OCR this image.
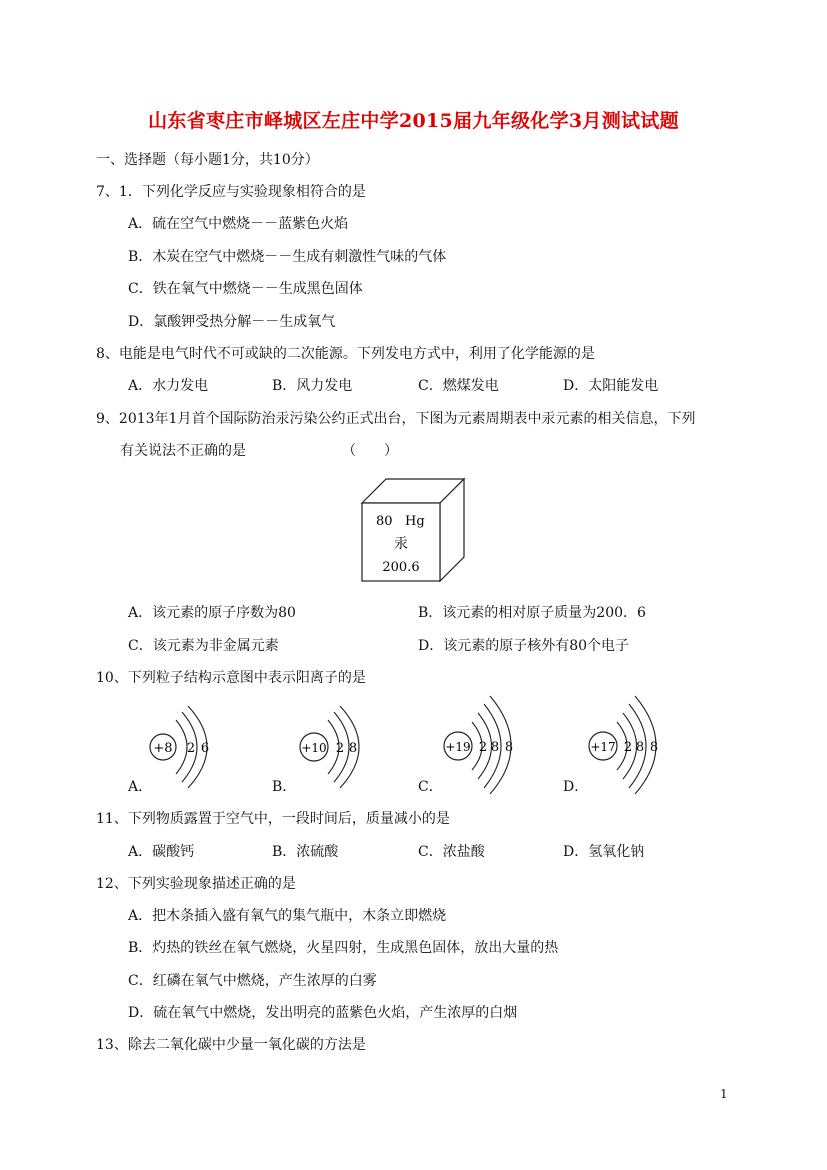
山东省枣庄市峄城区左庄中学2015届九年级化学3月测试试题
一、选择题（每小题1分，共10分）
7、1．下列化学反应与实验现象相符合的是
A．硫在空气中燃烧－－蓝紫色火焰
B．木炭在空气中燃烧－－生成有刺激性气味的气体
C．铁在氧气中燃烧－－生成黑色固体
D．氯酸钾受热分解－－生成氧气
8、电能是电气时代不可或缺的二次能源。下列发电方式中，利用了化学能源的是
A．水力发电	B．风力发电	C．燃煤发电	D．太阳能发电
9、2013年1月首个国际防治汞污染公约正式出台，下图为元素周期表中汞元素的相关信息，下列
有关说法不正确的是	（　　）
80 Hg
汞
200.6
A．该元素的原子序数为80	B．该元素的相对原子质量为200．6
C．该元素为非金属元素	D．该元素的原子核外有80个电子
10、下列粒子结构示意图中表示阳离子的是
A．
+8 2 6
B．
+10 2 8
C．
+19 2 8 8
D．
+17 2 8 8
11、下列物质露置于空气中，一段时间后，质量减小的是
A．碳酸钙	B．浓硫酸	C．浓盐酸	D．氢氧化钠
12、下列实验现象描述正确的是
A．把木条插入盛有氧气的集气瓶中，木条立即燃烧
B．灼热的铁丝在氧气燃烧，火星四射，生成黑色固体，放出大量的热
C．红磷在氧气中燃烧，产生浓厚的白雾
D．硫在氧气中燃烧，发出明亮的蓝紫色火焰，产生浓厚的白烟
13、除去二氧化碳中少量一氧化碳的方法是
1
